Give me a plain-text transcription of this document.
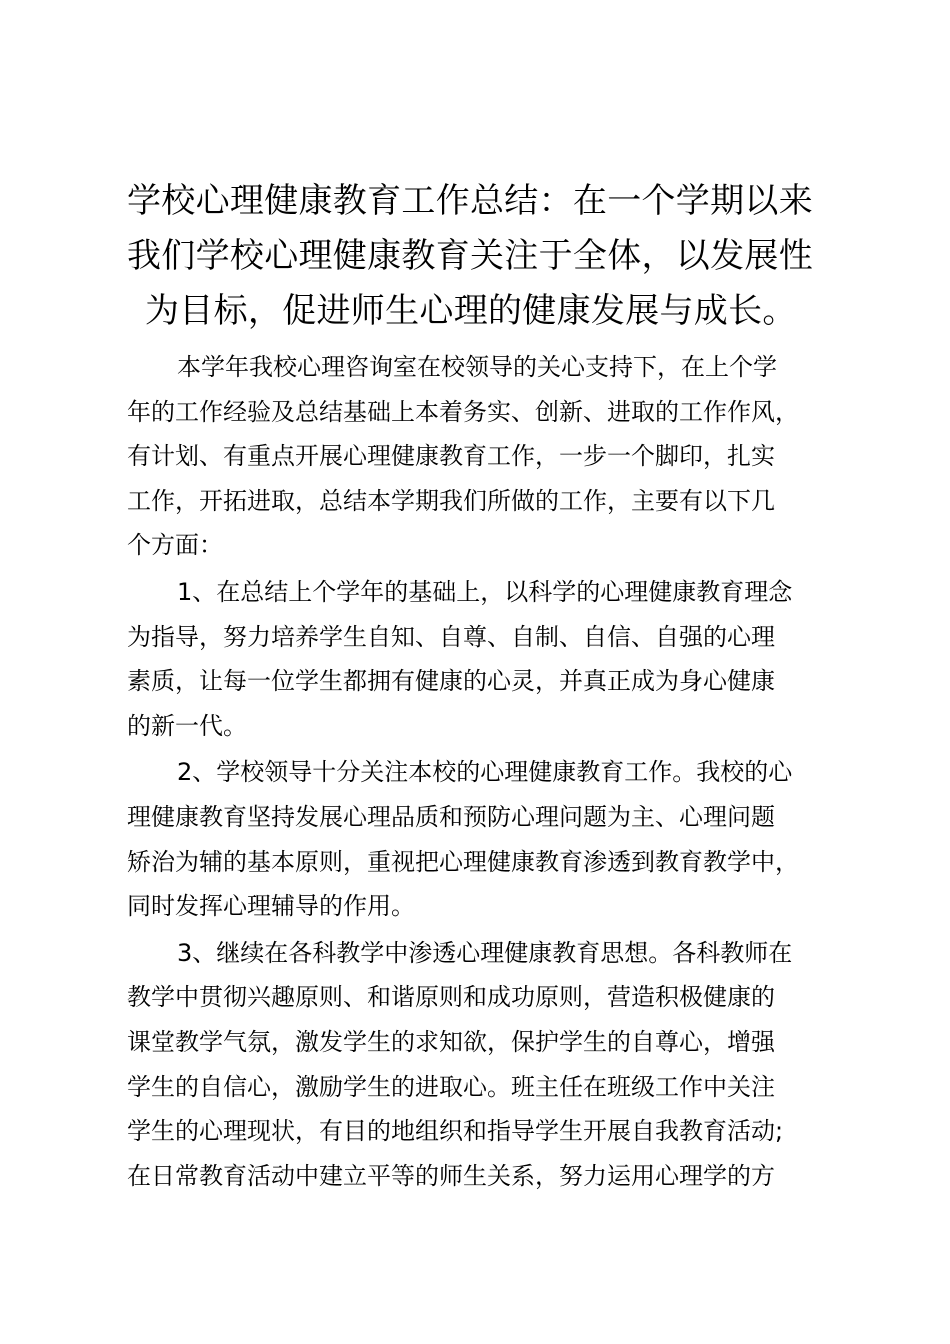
学校心理健康教育工作总结：在一个学期以来
我们学校心理健康教育关注于全体，以发展性
为目标，促进师生心理的健康发展与成长。

本学年我校心理咨询室在校领导的关心支持下，在上个学
年的工作经验及总结基础上本着务实、创新、进取的工作作风，
有计划、有重点开展心理健康教育工作，一步一个脚印，扎实
工作，开拓进取，总结本学期我们所做的工作，主要有以下几
个方面：

1、在总结上个学年的基础上，以科学的心理健康教育理念
为指导，努力培养学生自知、自尊、自制、自信、自强的心理
素质，让每一位学生都拥有健康的心灵，并真正成为身心健康
的新一代。

2、学校领导十分关注本校的心理健康教育工作。我校的心
理健康教育坚持发展心理品质和预防心理问题为主、心理问题
矫治为辅的基本原则，重视把心理健康教育渗透到教育教学中，
同时发挥心理辅导的作用。

3、继续在各科教学中渗透心理健康教育思想。各科教师在
教学中贯彻兴趣原则、和谐原则和成功原则，营造积极健康的
课堂教学气氛，激发学生的求知欲，保护学生的自尊心，增强
学生的自信心，激励学生的进取心。班主任在班级工作中关注
学生的心理现状，有目的地组织和指导学生开展自我教育活动;
在日常教育活动中建立平等的师生关系，努力运用心理学的方
